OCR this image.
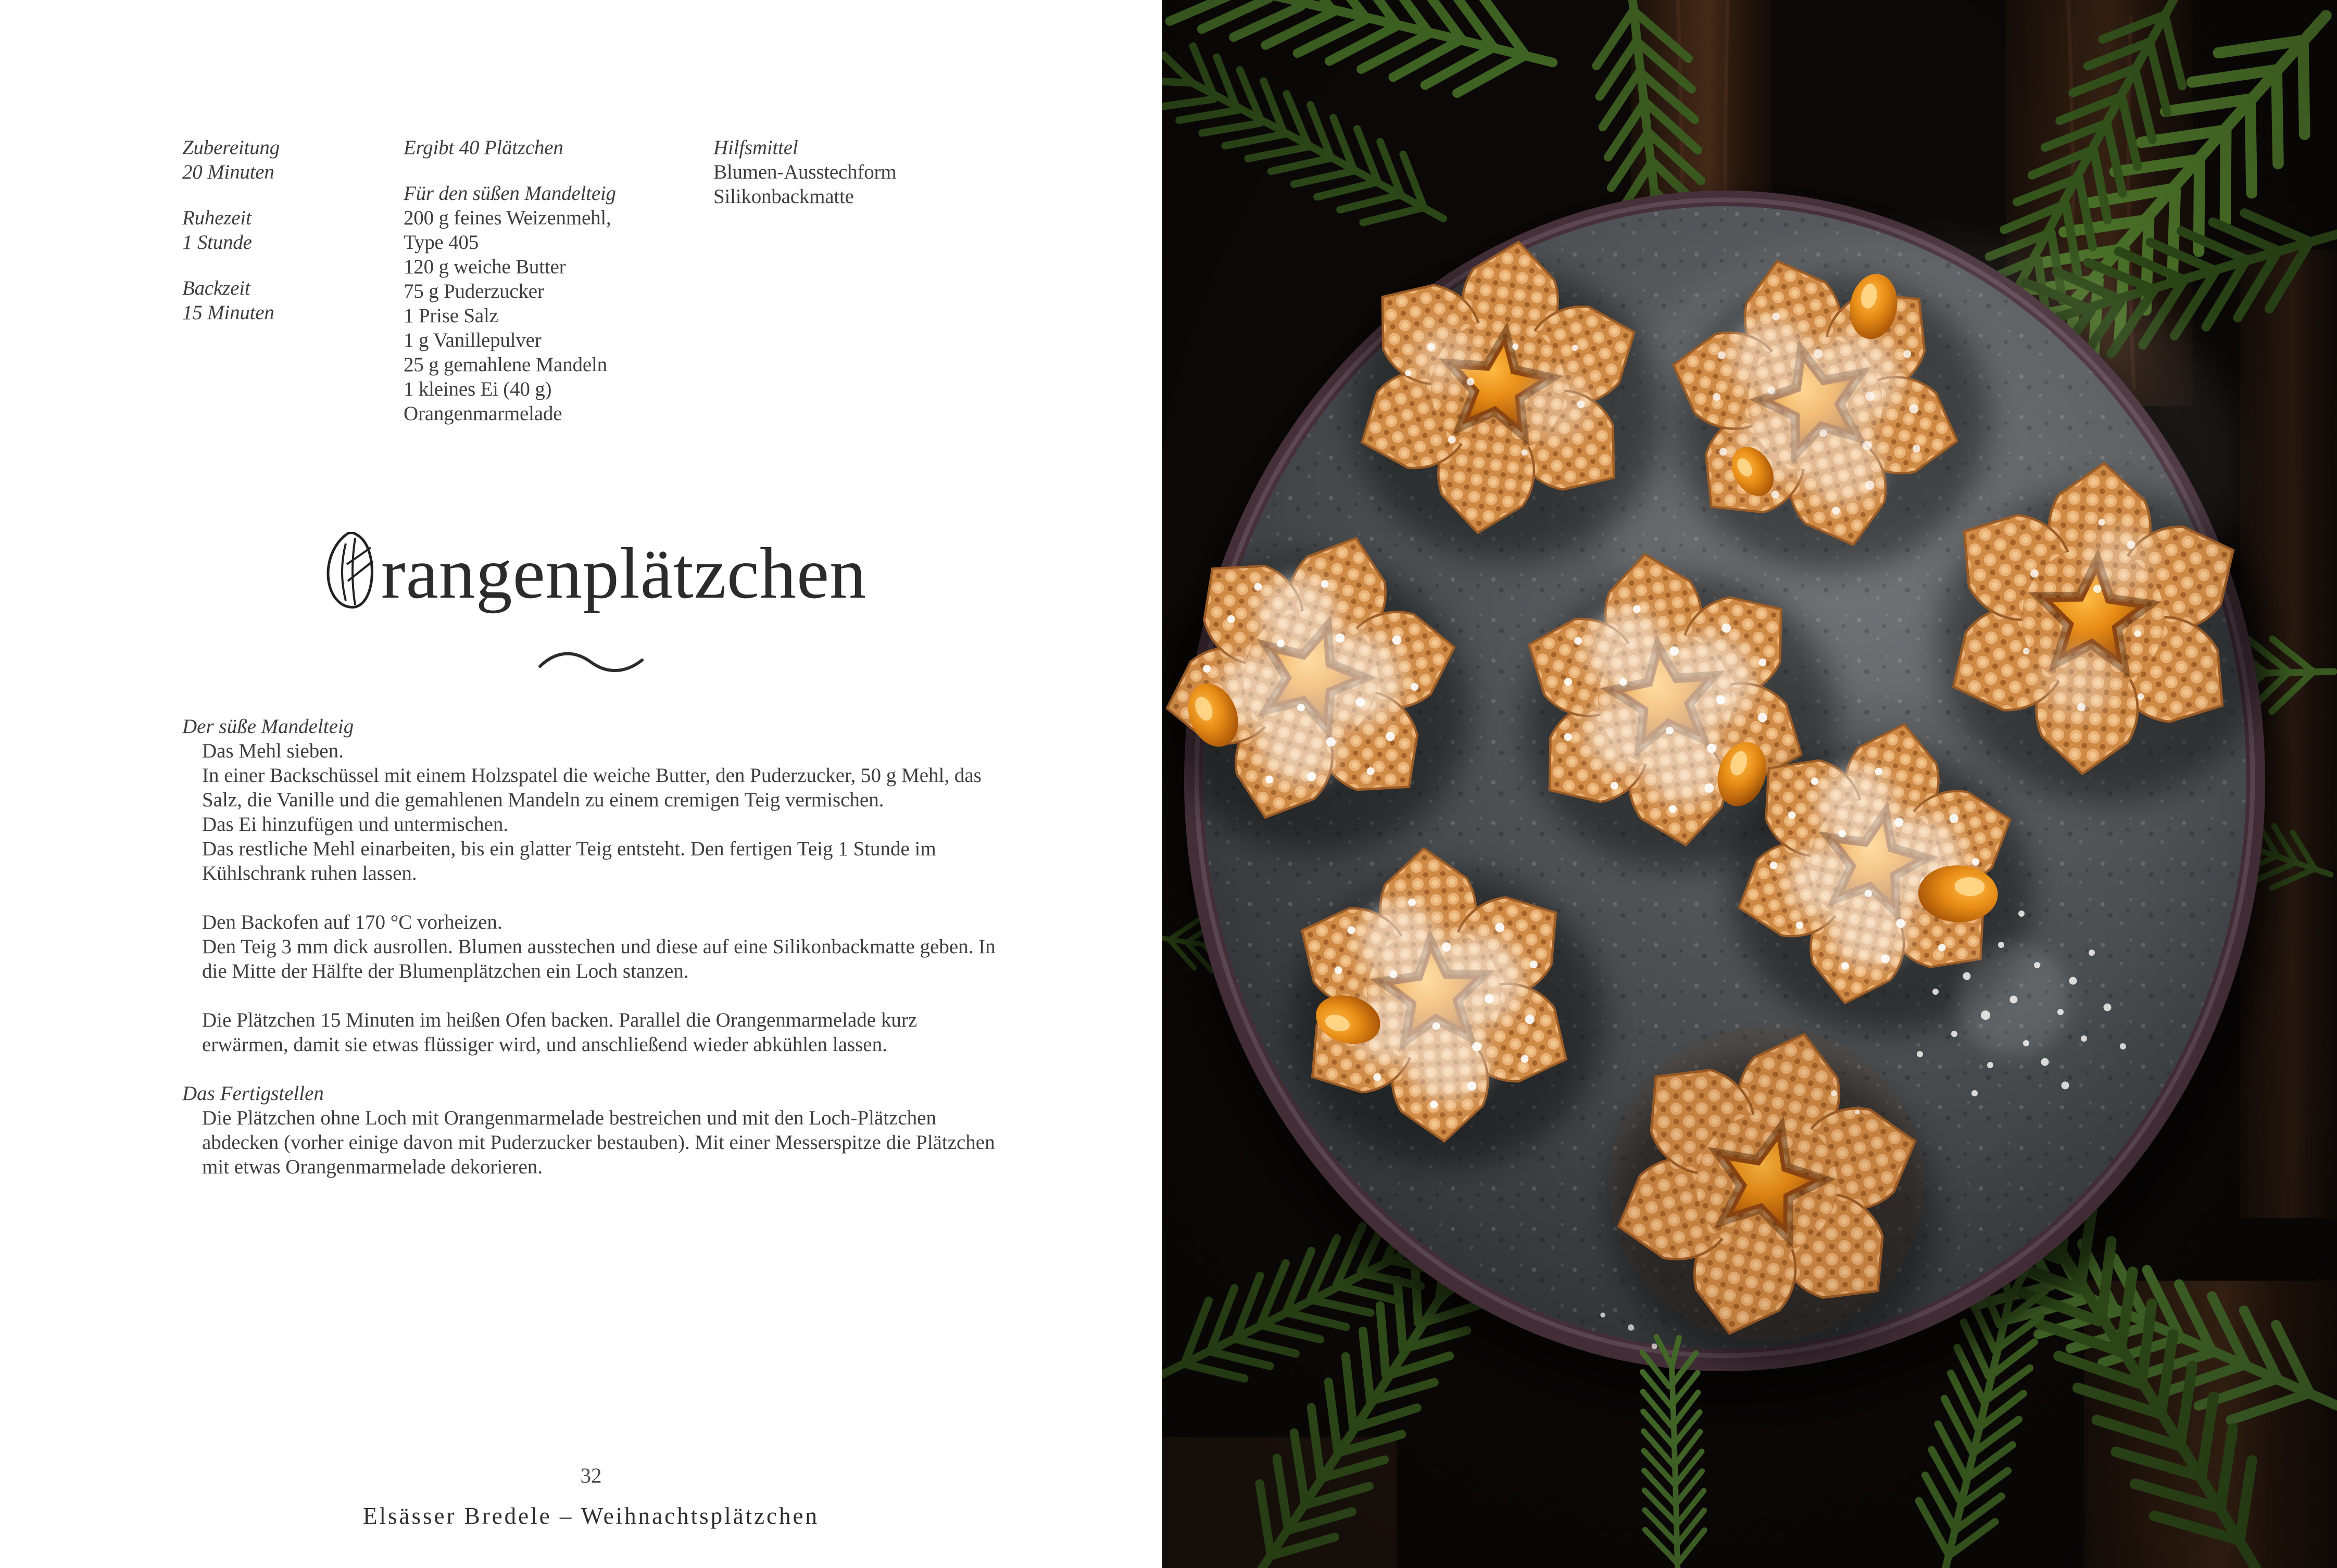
Zubereitung
20 Minuten
Ruhezeit
1 Stunde
Backzeit
15 Minuten
Ergibt 40 Plätzchen
Für den süßen Mandelteig
200 g feines Weizenmehl,
Type 405
120 g weiche Butter
75 g Puderzucker
1 Prise Salz
1 g Vanillepulver
25 g gemahlene Mandeln
1 kleines Ei (40 g)
Orangenmarmelade
Hilfsmittel
Blumen-Ausstechform
Silikonbackmatte
rangenplätzchen

Der süße Mandelteig

Das Mehl sieben.

In einer Backschüssel mit einem Holzspatel die weiche Butter, den Puderzucker, 50 g Mehl, das Salz, die Vanille und die gemahlenen Mandeln zu einem cremigen Teig vermischen.

Das Ei hinzufügen und untermischen.

Das restliche Mehl einarbeiten, bis ein glatter Teig entsteht. Den fertigen Teig 1 Stunde im Kühlschrank ruhen lassen.

Den Backofen auf 170 °C vorheizen.

Den Teig 3 mm dick ausrollen. Blumen ausstechen und diese auf eine Silikonbackmatte geben. In die Mitte der Hälfte der Blumenplätzchen ein Loch stanzen.

Die Plätzchen 15 Minuten im heißen Ofen backen. Parallel die Orangenmarmelade kurz erwärmen, damit sie etwas flüssiger wird, und anschließend wieder abkühlen lassen.

Das Fertigstellen

Die Plätzchen ohne Loch mit Orangenmarmelade bestreichen und mit den Loch-Plätzchen abdecken (vorher einige davon mit Puderzucker bestauben). Mit einer Messerspitze die Plätzchen mit etwas Orangenmarmelade dekorieren.

32
Elsässer Bredele – Weihnachtsplätzchen
